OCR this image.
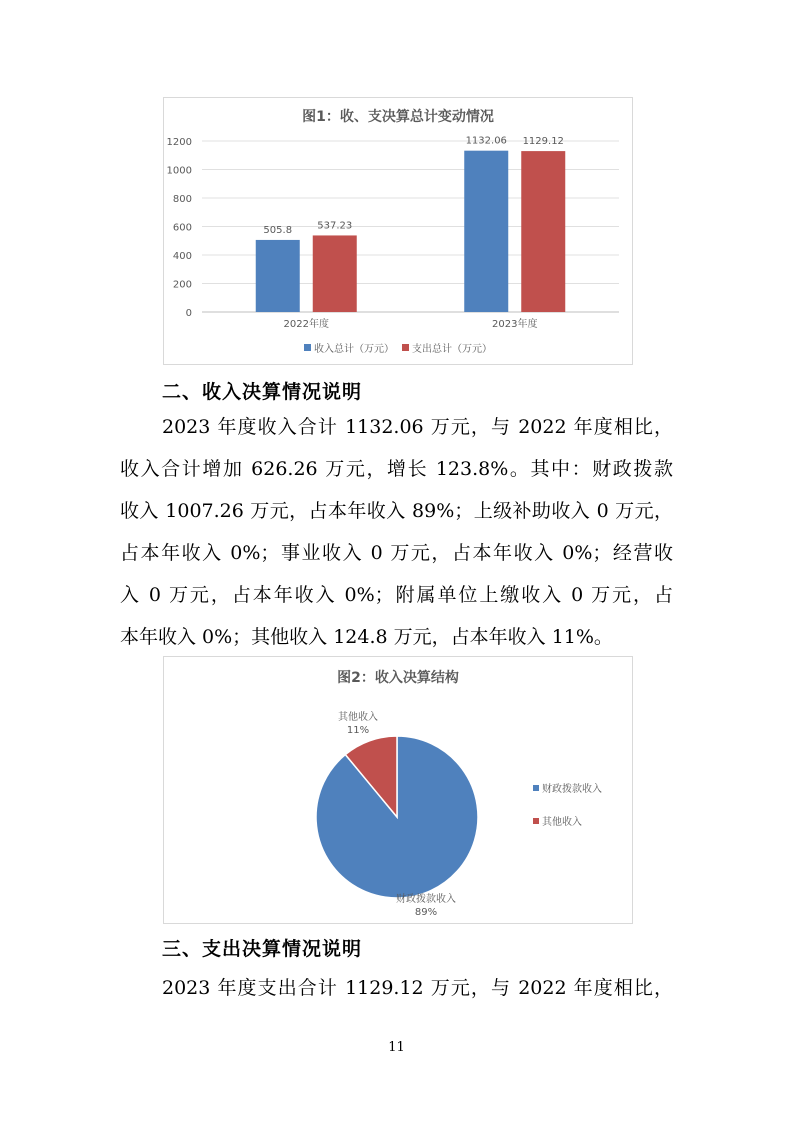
图1：收、支决算总计变动情况
0
200
400
600
800
1000
1200
505.8	537.23
2022年度
1132.06 1129.12
2023年度
收入总计（万元） 支出总计（万元）
二、收入决算情况说明
2023 年度收入合计 1132.06 万元，与 2022 年度相比，
收入合计增加 626.26 万元，增长 123.8%。其中：财政拨款
收入 1007.26 万元，占本年收入 89%；上级补助收入 0 万元，
占本年收入 0%；事业收入 0 万元，占本年收入 0%；经营收
入 0 万元，占本年收入 0%；附属单位上缴收入 0 万元，占
本年收入 0%；其他收入 124.8 万元，占本年收入 11%。
图2：收入决算结构
财政拨款收入
89%
其他收入
11%
财政拨款收入
其他收入
三、支出决算情况说明
2023 年度支出合计 1129.12 万元，与 2022 年度相比，
11
